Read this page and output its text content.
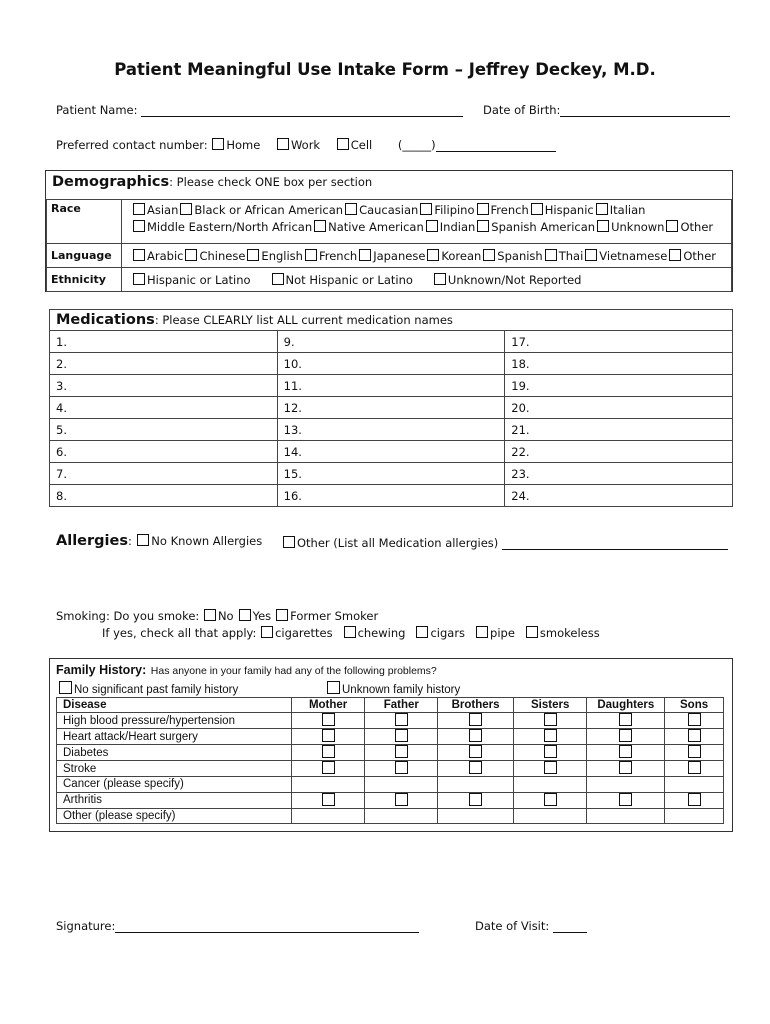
Patient Meaningful Use Intake Form – Jeffrey Deckey, M.D.
Patient Name:	Date of Birth:
Preferred contact number: Home	Work	Cell (_____)
Demographics: Please check ONE box per section
Race	Asian Black or African American Caucasian Filipino French Hispanic Italian
Middle Eastern/North African Native American Indian Spanish American Unknown Other

Language	Arabic Chinese English French Japanese Korean Spanish Thai Vietnamese Other
Ethnicity	Hispanic or Latino Not Hispanic or Latino Unknown/Not Reported
Medications: Please CLEARLY list ALL current medication names
1.	9.	17.
2.	10.	18.
3.	11.	19.
4.	12.	20.
5.	13.	21.
6.	14.	22.
7.	15.	23.
8.	16.	24.
Allergies: No Known Allergies	Other (List all Medication allergies)
Smoking: Do you smoke: No Yes Former Smoker
If yes, check all that apply: cigarettes chewing cigars pipe smokeless
Family History: Has anyone in your family had any of the following problems?
No significant past family history	Unknown family history
Disease	Mother	Father	Brothers	Sisters	Daughters	Sons
High blood pressure/hypertension						
Heart attack/Heart surgery						
Diabetes						
Stroke						
Cancer (please specify)						
Arthritis						
Other (please specify)						
Signature:	Date of Visit:
